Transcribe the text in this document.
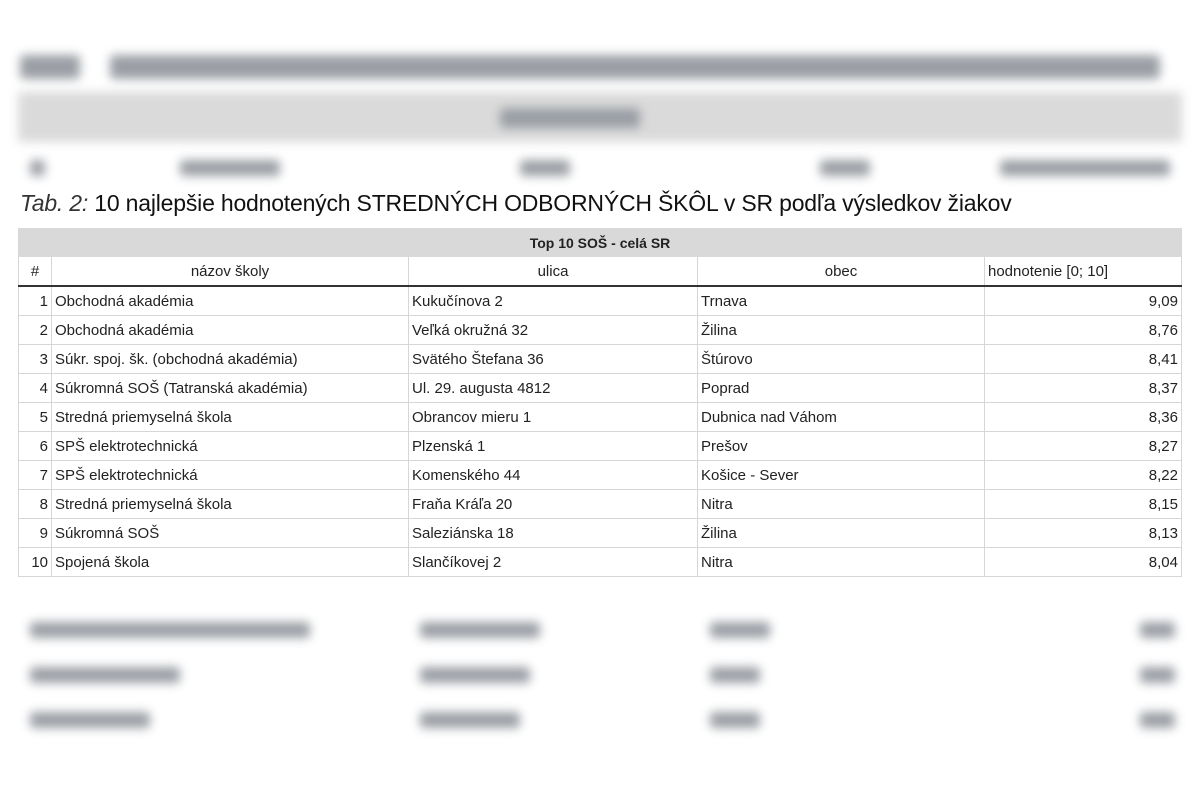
Tab. 2: 10 najlepšie hodnotených STREDNÝCH ODBORNÝCH ŠKÔL v SR podľa výsledkov žiakov
Top 10 SOŠ - celá SR				
#	názov školy	ulica	obec	hodnotenie [0; 10]
1	Obchodná akadémia	Kukučínova 2	Trnava	9,09
2	Obchodná akadémia	Veľká okružná 32	Žilina	8,76
3	Súkr. spoj. šk. (obchodná akadémia)	Svätého Štefana 36	Štúrovo	8,41
4	Súkromná SOŠ (Tatranská akadémia)	Ul. 29. augusta 4812	Poprad	8,37
5	Stredná priemyselná škola	Obrancov mieru 1	Dubnica nad Váhom	8,36
6	SPŠ elektrotechnická	Plzenská 1	Prešov	8,27
7	SPŠ elektrotechnická	Komenského 44	Košice - Sever	8,22
8	Stredná priemyselná škola	Fraňa Kráľa 20	Nitra	8,15
9	Súkromná SOŠ	Saleziánska 18	Žilina	8,13
10	Spojená škola	Slančíkovej 2	Nitra	8,04
